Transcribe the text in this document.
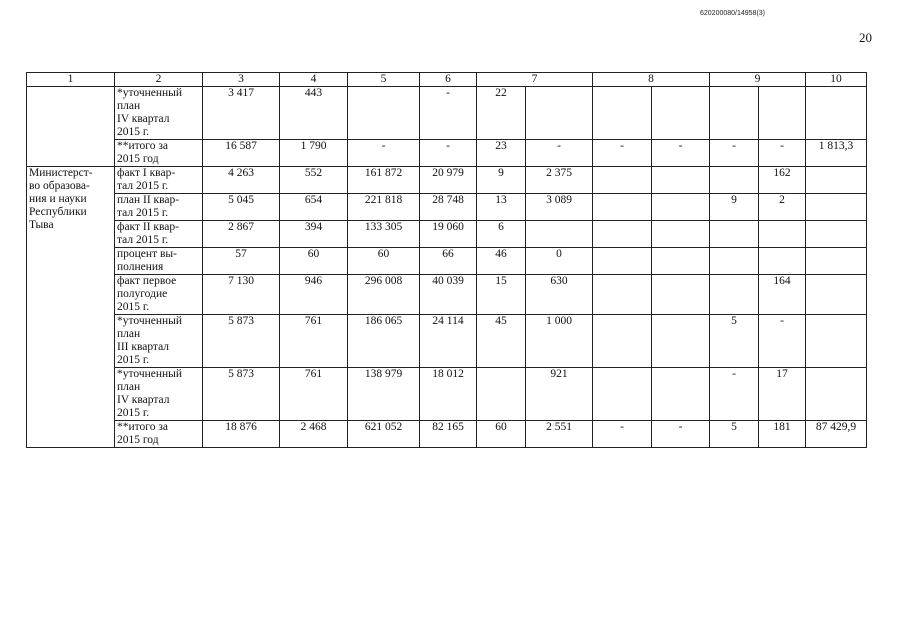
620200080/14958(3)
20
1	2	3	4	5	6	7		8		9		10
	*уточненный
план
IV квартал
2015 г.	3 417	443		-	22						
	**итого за
2015 год	16 587	1 790	-	-	23	-	-	-	-	-	1 813,3
Министерст-
во образова-
ния и науки
Республики
Тыва	факт I квар-
тал 2015 г.	4 263	552	161 872	20 979	9	2 375				162	
	план II квар-
тал 2015 г.	5 045	654	221 818	28 748	13	3 089			9	2	
	факт II квар-
тал 2015 г.	2 867	394	133 305	19 060	6						
	процент вы-
полнения	57	60	60	66	46	0					
	факт первое
полугодие
2015 г.	7 130	946	296 008	40 039	15	630				164	
	*уточненный
план
III квартал
2015 г.	5 873	761	186 065	24 114	45	1 000			5	-	
	*уточненный
план
IV квартал
2015 г.	5 873	761	138 979	18 012		921			-	17	
	**итого за
2015 год	18 876	2 468	621 052	82 165	60	2 551	-	-	5	181	87 429,9
